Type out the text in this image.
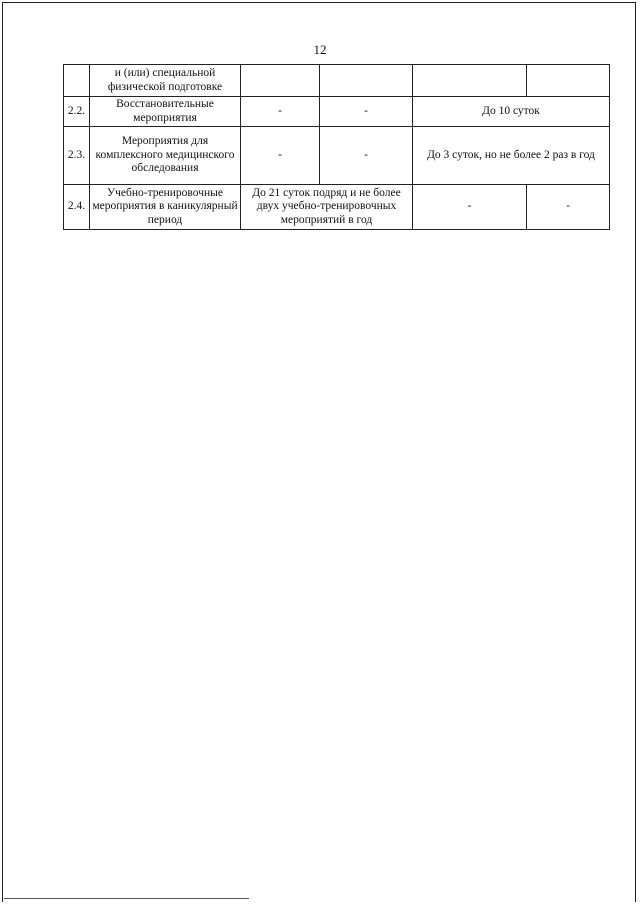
12
	и (или) специальной физической подготовке				
2.2.	Восстановительные мероприятия	-	-	До 10 суток	
2.3.	Мероприятия для комплексного медицинского обследования	-	-	До 3 суток, но не более 2 раз в год	
2.4.	Учебно-тренировочные мероприятия в каникулярный период	До 21 суток подряд и не более двух учебно-тренировочных мероприятий в год		-	-
